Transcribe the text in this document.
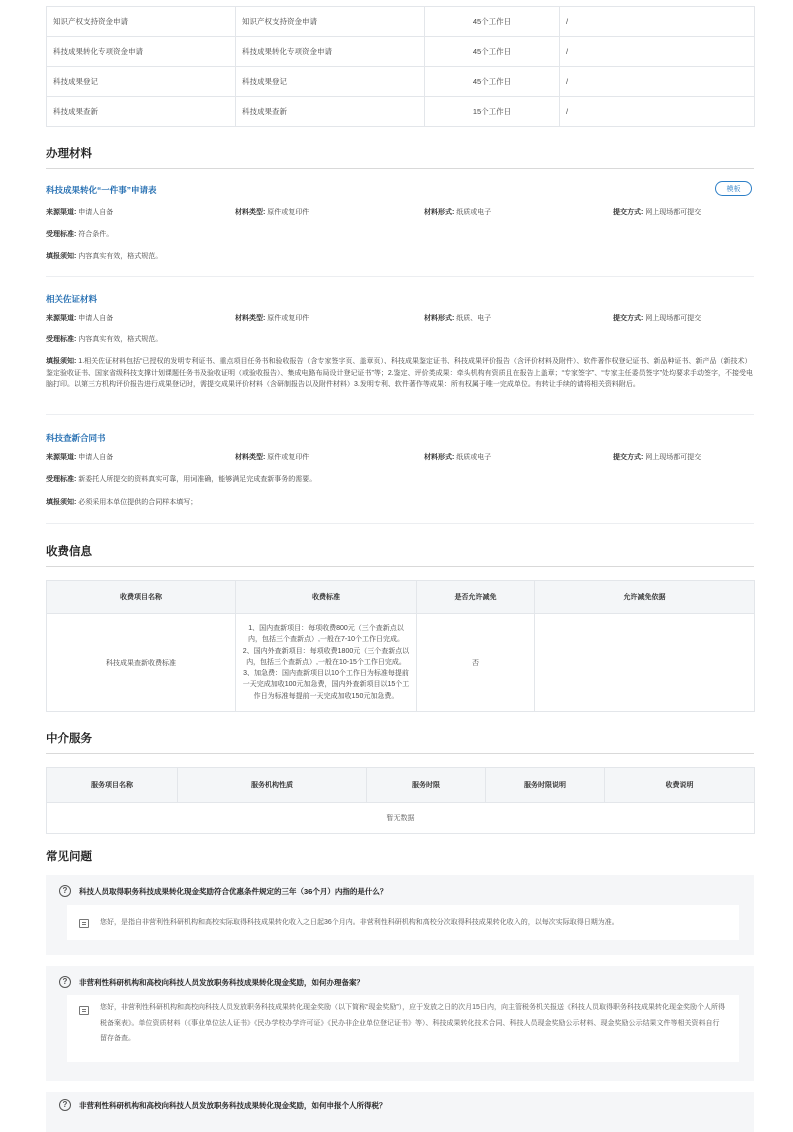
知识产权支持资金申请	知识产权支持资金申请	45个工作日	/
科技成果转化专项资金申请	科技成果转化专项资金申请	45个工作日	/
科技成果登记	科技成果登记	45个工作日	/
科技成果查新	科技成果查新	15个工作日	/
办理材料
科技成果转化“一件事”申请表	模板
来源渠道: 申请人自备	材料类型: 原件或复印件	材料形式: 纸质或电子	提交方式: 网上现场都可提交
受理标准: 符合条件。
填报须知: 内容真实有效，格式规范。
相关佐证材料
来源渠道: 申请人自备	材料类型: 原件或复印件	材料形式: 纸质、电子	提交方式: 网上现场都可提交
受理标准: 内容真实有效，格式规范。
填报须知: 1.相关佐证材料包括“已授权的发明专利证书、重点项目任务书和验收报告（含专家签字页、盖章页）、科技成果鉴定证书、科技成果评价报告（含评价材料及附件）、软件著作权登记证书、新品种证书、新产品（新技术）鉴定验收证书、国家省级科技支撑计划课题任务书及验收证明（或验收报告）、集成电路布局设计登记证书”等；2.鉴定、评价类成果：牵头机构有资质且在报告上盖章；“专家签字”、“专家主任委员签字”处均要求手动签字，不接受电脑打印。以第三方机构评价报告进行成果登记时，需提交成果评价材料（含研制报告以及附件材料）3.发明专利、软件著作等成果：所有权属于唯一完成单位。有转让手续的请将相关资料附后。
科技查新合同书
来源渠道: 申请人自备	材料类型: 原件或复印件	材料形式: 纸质或电子	提交方式: 网上现场都可提交
受理标准: 新委托人所提交的资料真实可靠，用词准确，能够满足完成查新事务的需要。
填报须知: 必须采用本单位提供的合同样本填写；
收费信息
收费项目名称	收费标准	是否允许减免	允许减免依据
科技成果查新收费标准	1、国内查新项目：每项收费800元（三个查新点以内，包括三个查新点）,一般在7-10个工作日完成。 2、国内外查新项目：每项收费1800元（三个查新点以内，包括三个查新点）,一般在10-15个工作日完成。 3、加急费：国内查新项目以10个工作日为标准每提前一天完成加收100元加急费，国内外查新项目以15个工作日为标准每提前一天完成加收150元加急费。	否	
中介服务
服务项目名称	服务机构性质	服务时限	服务时限说明	收费说明
暂无数据
常见问题
?	科技人员取得职务科技成果转化现金奖励符合优惠条件规定的三年（36个月）内指的是什么？
您好，是指自非营利性科研机构和高校实际取得科技成果转化收入之日起36个月内。非营利性科研机构和高校分次取得科技成果转化收入的，以每次实际取得日期为准。
?	非营利性科研机构和高校向科技人员发放职务科技成果转化现金奖励，如何办理备案？
您好，非营利性科研机构和高校向科技人员发放职务科技成果转化现金奖励（以下简称“现金奖励”），应于发放之日的次月15日内，向主管税务机关报送《科技人员取得职务科技成果转化现金奖励个人所得税备案表》。单位资质材料（《事业单位法人证书》《民办学校办学许可证》《民办非企业单位登记证书》等）、科技成果转化技术合同、科技人员现金奖励公示材料、现金奖励公示结果文件等相关资料自行留存备查。
?	非营利性科研机构和高校向科技人员发放职务科技成果转化现金奖励，如何申报个人所得税？
